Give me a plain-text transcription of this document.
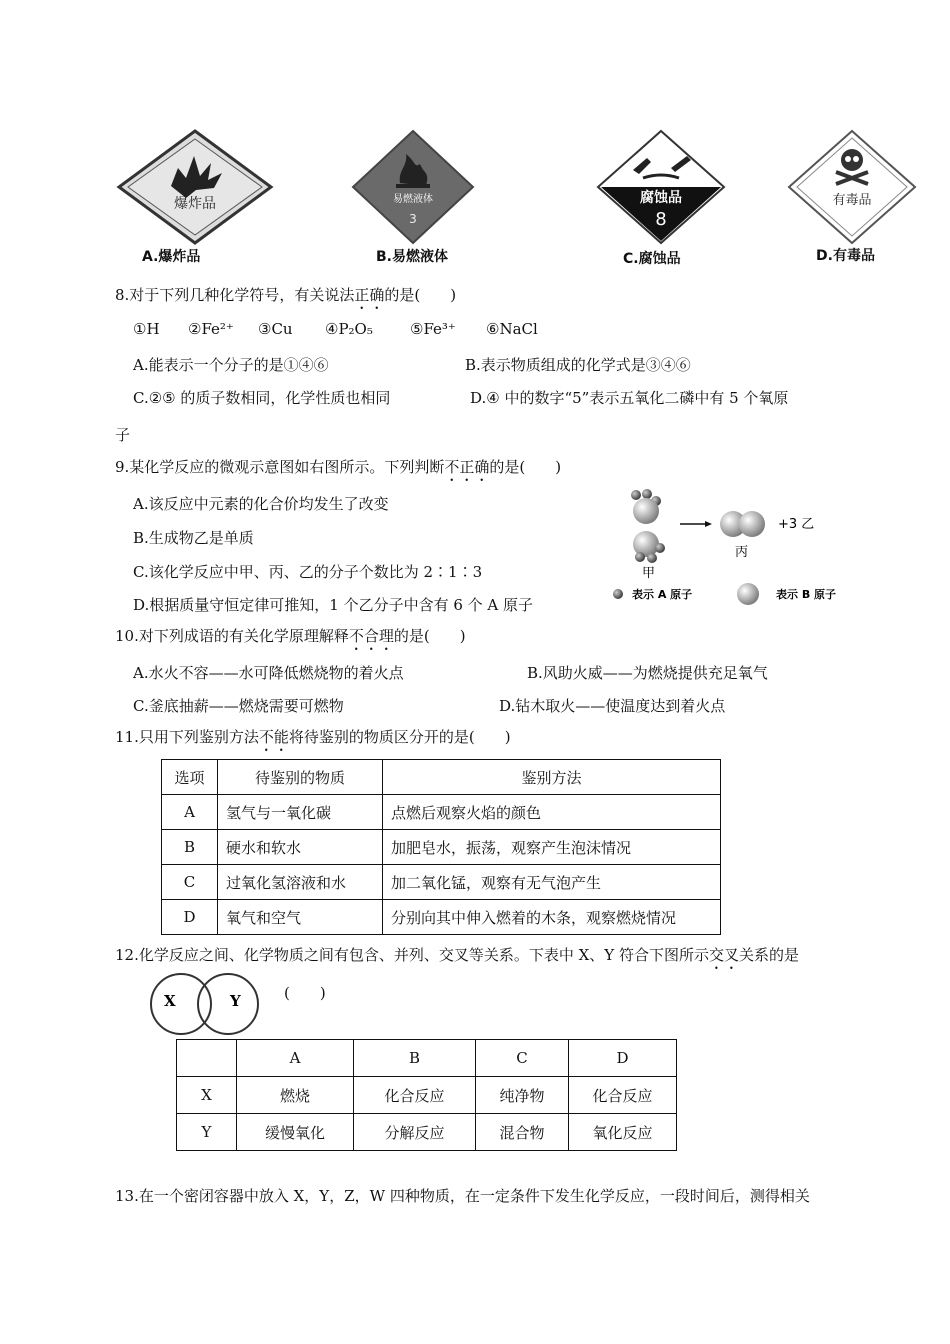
爆炸品	易燃液体
3
腐蚀品
8
有毒品
A.爆炸品	B.易燃液体	C.腐蚀品	D.有毒品
8.对于下列几种化学符号，有关说法正确的是(　　)
①H ②Fe²⁺ ③Cu ④P₂O₅ ⑤Fe³⁺ ⑥NaCl
A.能表示一个分子的是①④⑥	B.表示物质组成的化学式是③④⑥
C.②⑤ 的质子数相同，化学性质也相同	D.④ 中的数字“5”表示五氧化二磷中有 5 个氧原
子
9.某化学反应的微观示意图如右图所示。下列判断不正确的是(　　)
A.该反应中元素的化合价均发生了改变
B.生成物乙是单质
C.该化学反应中甲、丙、乙的分子个数比为 2∶1∶3
D.根据质量守恒定律可推知，1 个乙分子中含有 6 个 A 原子
+3 乙
甲
丙
表示 A 原子	表示 B 原子
10.对下列成语的有关化学原理解释不合理的是(　　)
A.水火不容——水可降低燃烧物的着火点	B.风助火威——为燃烧提供充足氧气
C.釜底抽薪——燃烧需要可燃物	D.钻木取火——使温度达到着火点
11.只用下列鉴别方法不能将待鉴别的物质区分开的是(　　)
选项	待鉴别的物质	鉴别方法
A	氢气与一氧化碳	点燃后观察火焰的颜色
B	硬水和软水	加肥皂水，振荡，观察产生泡沫情况
C	过氧化氢溶液和水	加二氧化锰，观察有无气泡产生
D	氧气和空气	分别向其中伸入燃着的木条，观察燃烧情况
12.化学反应之间、化学物质之间有包含、并列、交叉等关系。下表中 X、Y 符合下图所示交叉关系的是
X	Y	(　　)
	A	B	C	D
X	燃烧	化合反应	纯净物	化合反应
Y	缓慢氧化	分解反应	混合物	氧化反应
13.在一个密闭容器中放入 X，Y，Z，W 四种物质，在一定条件下发生化学反应，一段时间后，测得相关
